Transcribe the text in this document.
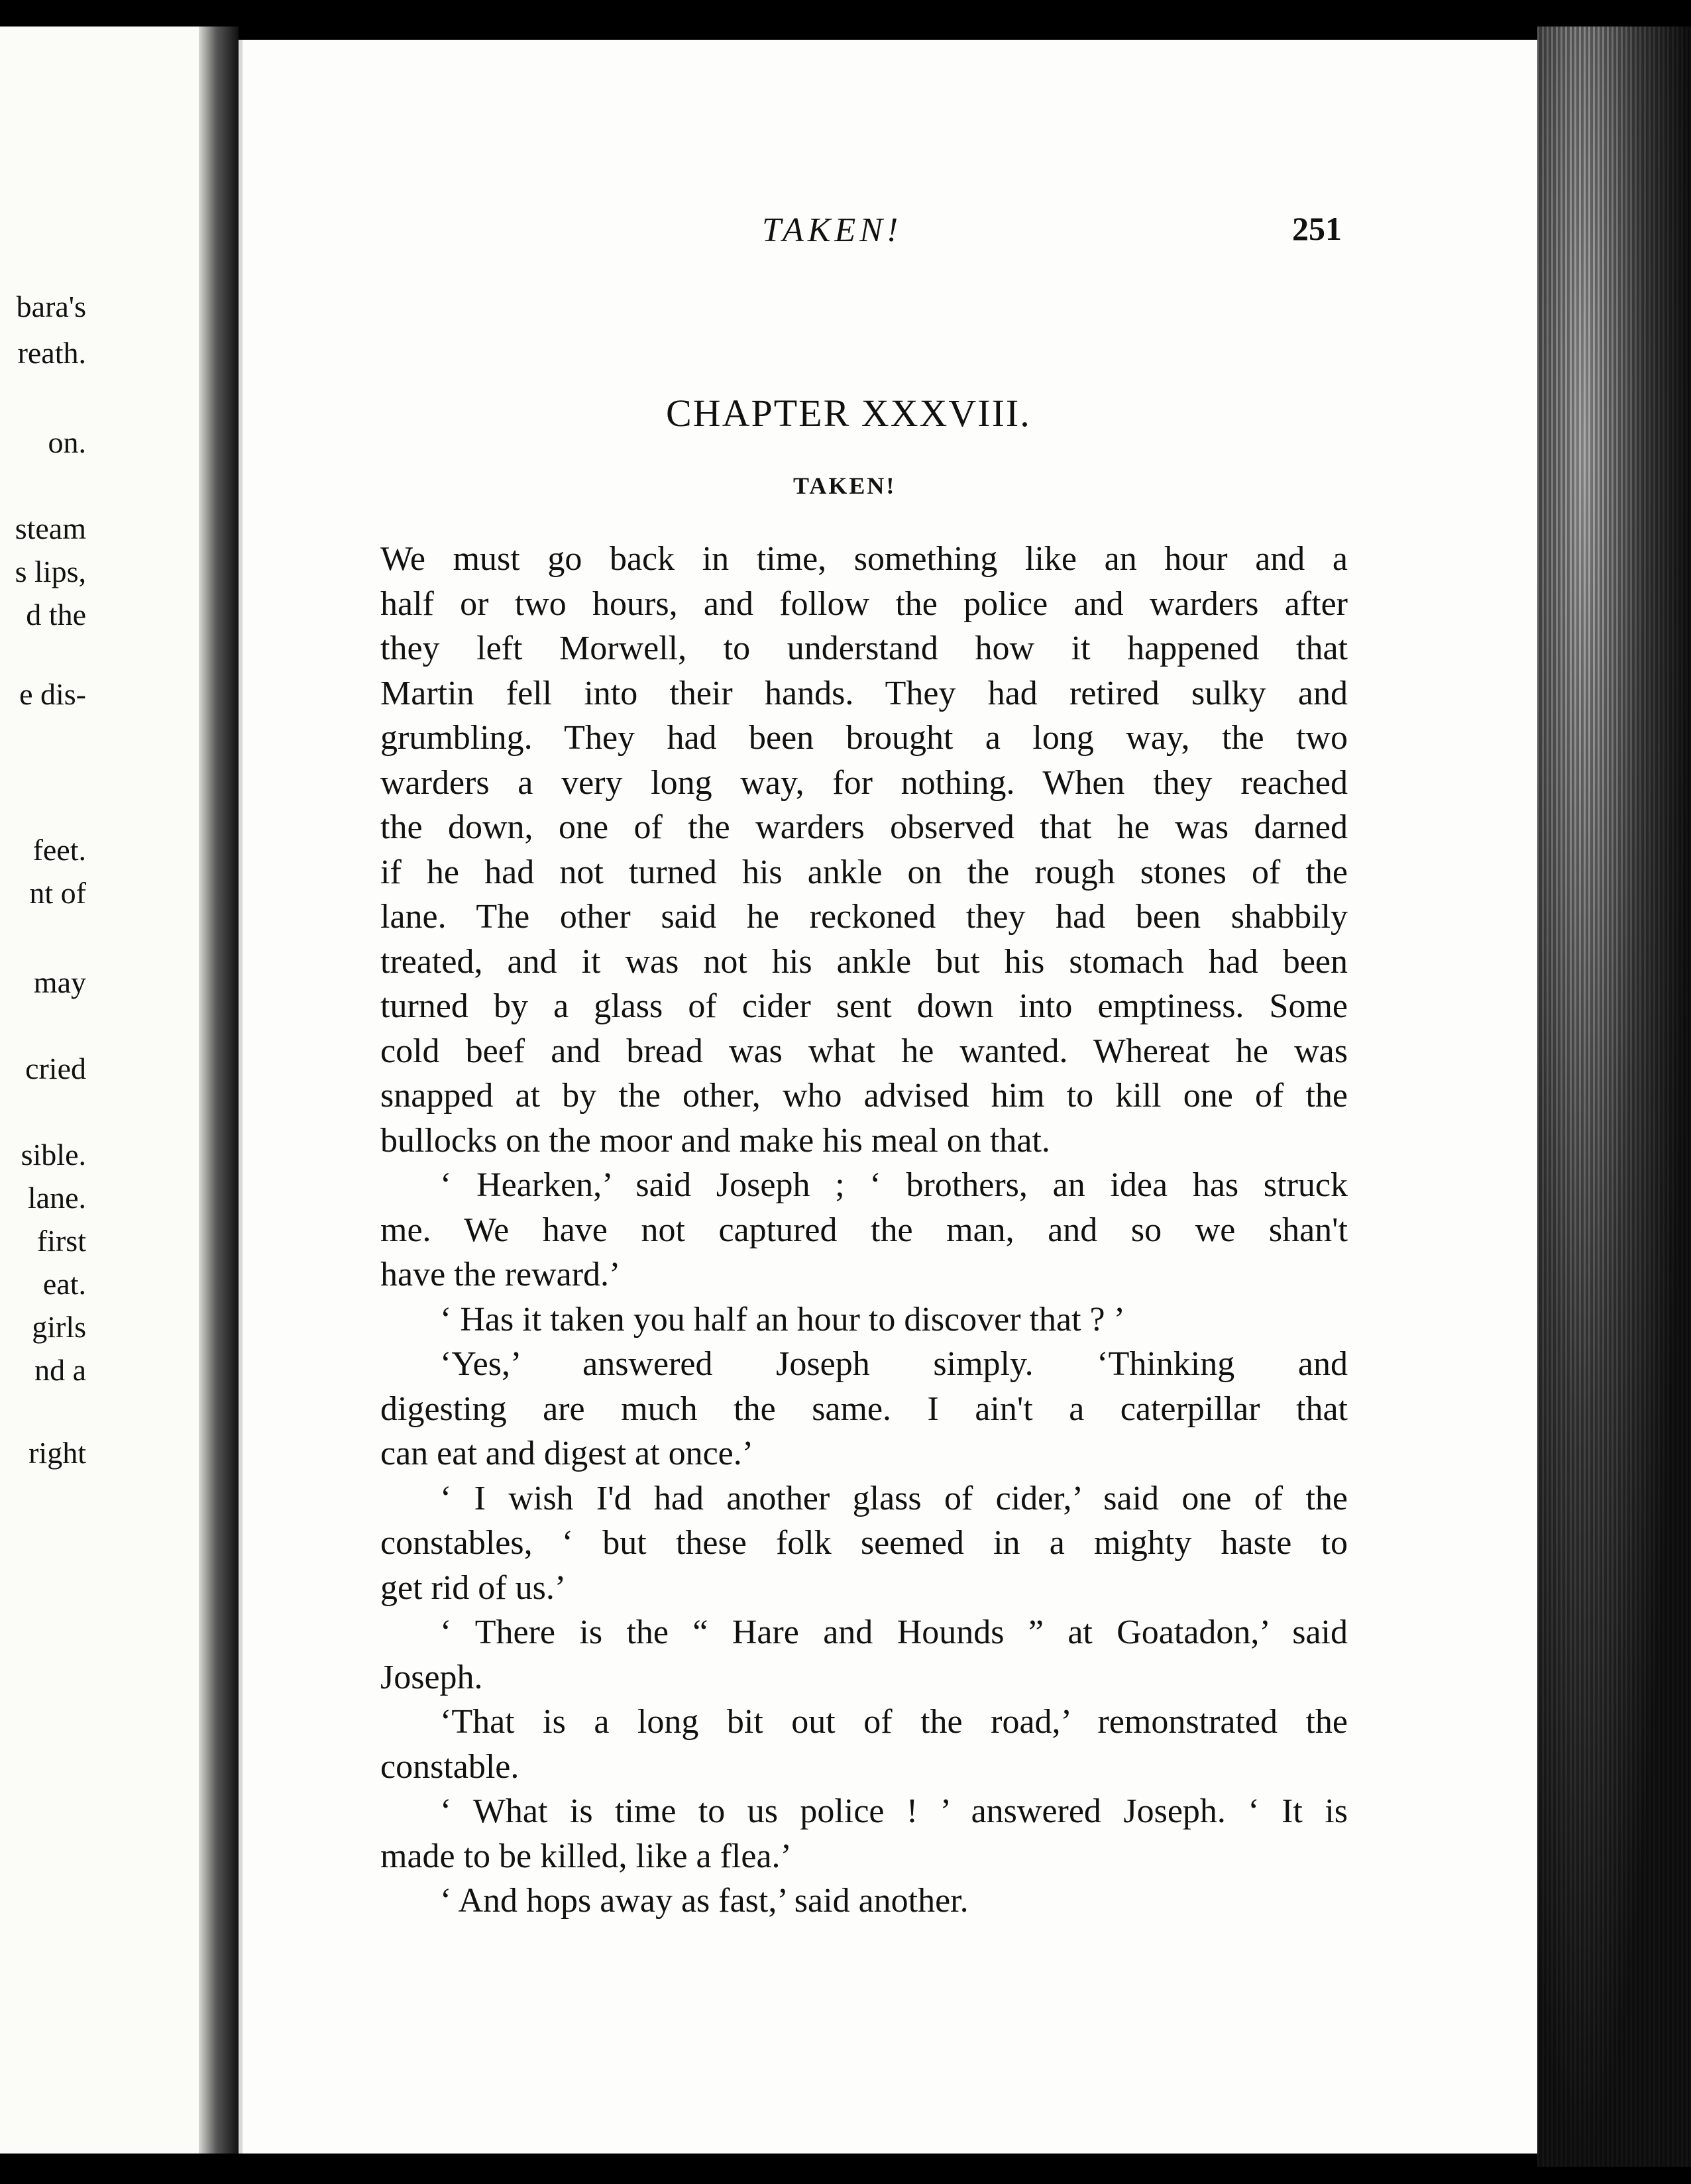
bara's
reath.
on.
steam
s lips,
d the
e dis-
feet.
nt of
may
cried
sible.
lane.
first
eat.
girls
nd a
right
TAKEN!	251
CHAPTER XXXVIII.
TAKEN!
We must go back in time, something like an hour and a
half or two hours, and follow the police and warders after
they left Morwell, to understand how it happened that
Martin fell into their hands. They had retired sulky and
grumbling. They had been brought a long way, the two
warders a very long way, for nothing. When they reached
the down, one of the warders observed that he was darned
if he had not turned his ankle on the rough stones of the
lane. The other said he reckoned they had been shabbily
treated, and it was not his ankle but his stomach had been
turned by a glass of cider sent down into emptiness. Some
cold beef and bread was what he wanted. Whereat he was
snapped at by the other, who advised him to kill one of the
bullocks on the moor and make his meal on that.
‘ Hearken,’ said Joseph ; ‘ brothers, an idea has struck
me. We have not captured the man, and so we shan't
have the reward.’
‘ Has it taken you half an hour to discover that ? ’
‘Yes,’ answered Joseph simply. ‘Thinking and
digesting are much the same. I ain't a caterpillar that
can eat and digest at once.’
‘ I wish I'd had another glass of cider,’ said one of the
constables, ‘ but these folk seemed in a mighty haste to
get rid of us.’
‘ There is the “ Hare and Hounds ” at Goatadon,’ said
Joseph.
‘That is a long bit out of the road,’ remonstrated the
constable.
‘ What is time to us police ! ’ answered Joseph. ‘ It is
made to be killed, like a flea.’
‘ And hops away as fast,’ said another.
